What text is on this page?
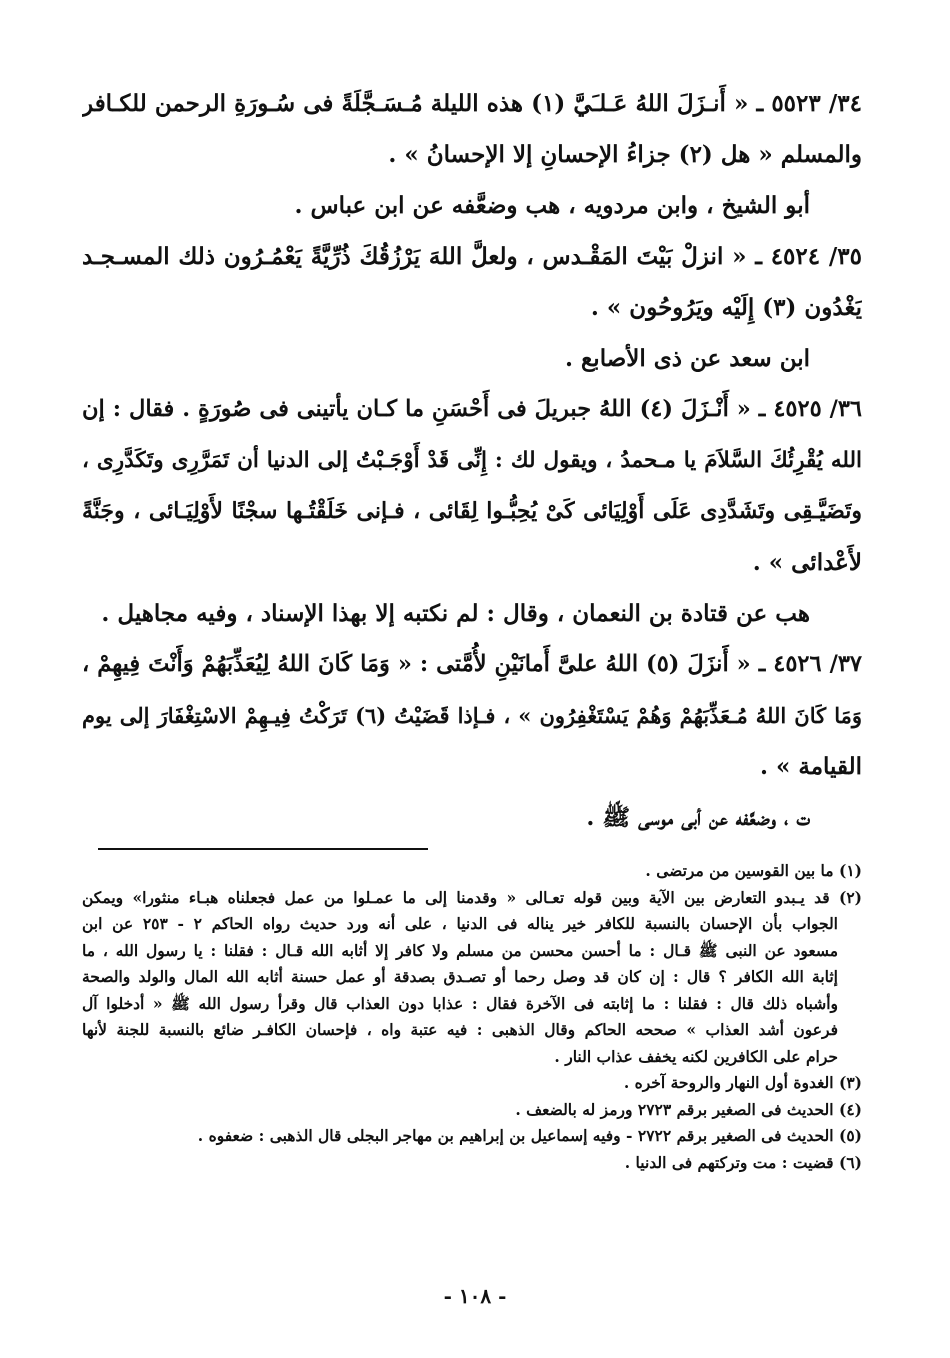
٣٤/ ٥٥٢٣ ـ « أَنـزَلَ اللهُ عَـلـَيَّ (١) هذه الليلة مُـسَـجَّلَةً فى سُـورَةِ الرحمن للكـافر
والمسلم « هل (٢) جزاءُ الإحسانِ إلا الإحسانُ » .
أبو الشيخ ، وابن مردويه ، هب وضعَّفه عن ابن عباس .
٣٥/ ٤٥٢٤ ـ « انزلْ بَيْتَ المَقْـدس ، ولعلَّ اللهَ يَرْزُقُكَ ذُرِّيَّةً يَعْمُـرُون ذلك المسـجـد
يَغْدُون (٣) إِلَيْه ويَرُوحُون » .
ابن سعد عن ذى الأصابع .
٣٦/ ٤٥٢٥ ـ « أَنْـزَلَ (٤) اللهُ جبريلَ فى أَحْسَنِ ما كـان يأتينى فى صُورَةٍ . فقال : إن
الله يُقْرِئُكَ السَّلاَمَ يا مـحمدُ ، ويقول لك : إِنِّى قَدْ أَوْجَـبْتُ إلى الدنيا أن تَمَرَّرِى وتَكَدَّرِى ،
وتَضَيَّـقِى وتَشَدَّدِى عَلَى أَوْلِيَائى كَىْ يُحِبُّـوا لِقَائى ، فـإنى خَلَقْتُـها سجْنًا لأَوْلِيَـائى ، وجَنَّةً
لأَعْدائى » .
هب عن قتادة بن النعمان ، وقال : لم نكتبه إلا بهذا الإسناد ، وفيه مجاهيل .
٣٧/ ٤٥٢٦ ـ « أَنزَلَ (٥) اللهُ علىَّ أَمانَيْنِ لأُمَّتى : « وَمَا كَانَ اللهُ لِيُعَذِّبَهُمْ وَأَنْتَ فِيهِمْ ،
وَمَا كَانَ اللهُ مُـعَذِّبَهُمْ وَهُمْ يَسْتَغْفِرُون » ، فـإذا قَضَيْتُ (٦) تَرَكْتُ فِيـهِمْ الاسْتِغْفَارَ إلى يوم
القيامة » .
ت ، وضعَّفه عن أبى موسى ﷺ .
(١) ما بين القوسين من مرتضى .
(٢) قد يـبدو التعارض بين الآية وبين قوله تعـالى « وقدمنا إلى ما عمـلوا من عمل فجعلناه هبـاء منثورا» ويمكن
الجواب بأن الإحسان بالنسبة للكافر خير يناله فى الدنيا ، على أنه ورد حديث رواه الحاكم ٢ - ٢٥٣ عن ابن
مسعود عن النبى ﷺ قـال : ما أحسن محسن من مسلم ولا كافر إلا أثابه الله قـال : فقلنا : يا رسول الله ، ما
إثابة الله الكافر ؟ قال : إن كان قد وصل رحما أو تصـدق بصدقة أو عمل حسنة أثابه الله المال والولد والصحة
وأشباه ذلك قال : فقلنا : ما إثابته فى الآخرة فقال : عذابا دون العذاب قال وقرأ رسول الله ﷺ « أدخلوا آل
فرعون أشد العذاب » صححه الحاكم وقال الذهبى : فيه عتبة واه ، فإحسان الكافـر ضائع بالنسبة للجنة لأنها
حرام على الكافرين لكنه يخفف عذاب النار .
(٣) الغدوة أول النهار والروحة آخره .
(٤) الحديث فى الصغير برقم ٢٧٢٣ ورمز له بالضعف .
(٥) الحديث فى الصغير برقم ٢٧٢٢ - وفيه إسماعيل بن إبراهيم بن مهاجر البجلى قال الذهبى : ضعفوه .
(٦) قضيت : مت وتركتهم فى الدنيا .
- ١٠٨ -
